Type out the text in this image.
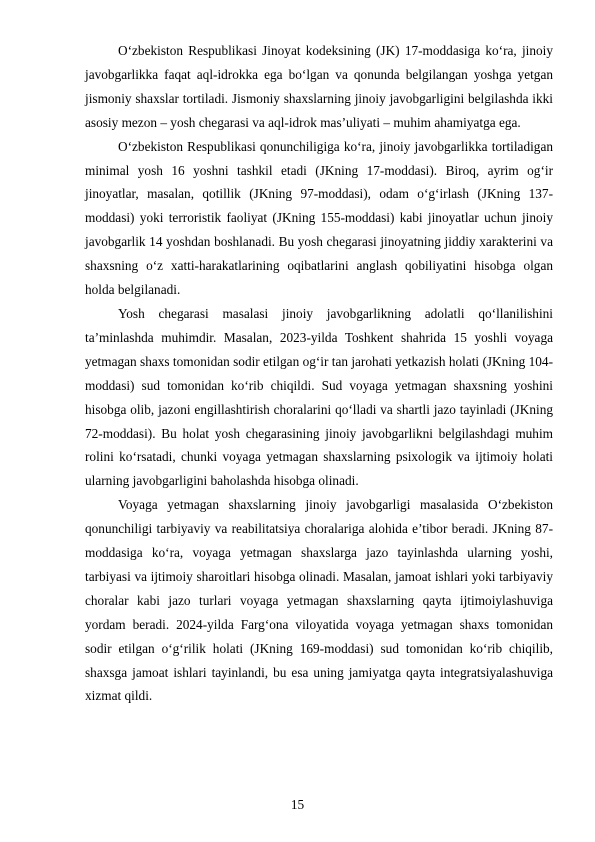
O‘zbekiston Respublikasi Jinoyat kodeksining (JK) 17-moddasiga ko‘ra, jinoiy javobgarlikka faqat aql-idrokka ega bo‘lgan va qonunda belgilangan yoshga yetgan jismoniy shaxslar tortiladi. Jismoniy shaxslarning jinoiy javobgarligini belgilashda ikki asosiy mezon – yosh chegarasi va aql-idrok mas’uliyati – muhim ahamiyatga ega.

O‘zbekiston Respublikasi qonunchiligiga ko‘ra, jinoiy javobgarlikka tortiladigan minimal yosh 16 yoshni tashkil etadi (JKning 17-moddasi). Biroq, ayrim og‘ir jinoyatlar, masalan, qotillik (JKning 97-moddasi), odam o‘g‘irlash (JKning 137-moddasi) yoki terroristik faoliyat (JKning 155-moddasi) kabi jinoyatlar uchun jinoiy javobgarlik 14 yoshdan boshlanadi. Bu yosh chegarasi jinoyatning jiddiy xarakterini va shaxsning o‘z xatti-harakatlarining oqibatlarini anglash qobiliyatini hisobga olgan holda belgilanadi.

Yosh chegarasi masalasi jinoiy javobgarlikning adolatli qo‘llanilishini ta’minlashda muhimdir. Masalan, 2023-yilda Toshkent shahrida 15 yoshli voyaga yetmagan shaxs tomonidan sodir etilgan og‘ir tan jarohati yetkazish holati (JKning 104-moddasi) sud tomonidan ko‘rib chiqildi. Sud voyaga yetmagan shaxsning yoshini hisobga olib, jazoni engillashtirish choralarini qo‘lladi va shartli jazo tayinladi (JKning 72-moddasi). Bu holat yosh chegarasining jinoiy javobgarlikni belgilashdagi muhim rolini ko‘rsatadi, chunki voyaga yetmagan shaxslarning psixologik va ijtimoiy holati ularning javobgarligini baholashda hisobga olinadi.

Voyaga yetmagan shaxslarning jinoiy javobgarligi masalasida O‘zbekiston qonunchiligi tarbiyaviy va reabilitatsiya choralariga alohida e’tibor beradi. JKning 87-moddasiga ko‘ra, voyaga yetmagan shaxslarga jazo tayinlashda ularning yoshi, tarbiyasi va ijtimoiy sharoitlari hisobga olinadi. Masalan, jamoat ishlari yoki tarbiyaviy choralar kabi jazo turlari voyaga yetmagan shaxslarning qayta ijtimoiylashuviga yordam beradi. 2024-yilda Farg‘ona viloyatida voyaga yetmagan shaxs tomonidan sodir etilgan o‘g‘rilik holati (JKning 169-moddasi) sud tomonidan ko‘rib chiqilib, shaxsga jamoat ishlari tayinlandi, bu esa uning jamiyatga qayta integratsiyalashuviga xizmat qildi.

15
